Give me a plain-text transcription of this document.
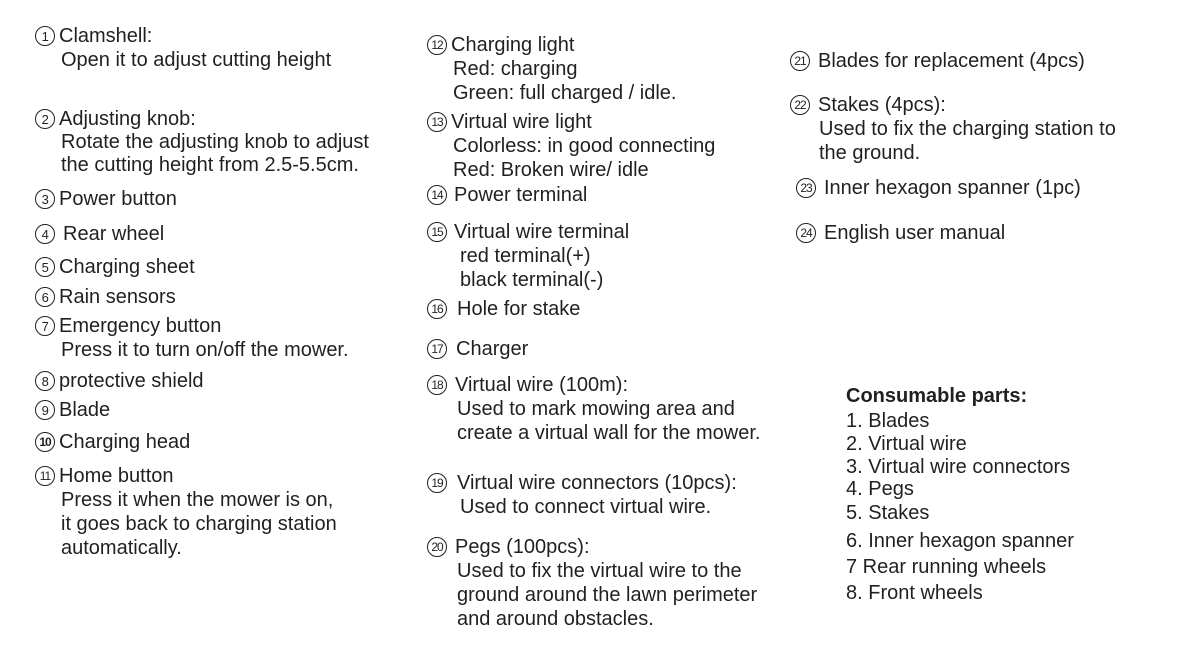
1 Clamshell:
Open it to adjust cutting height
2 Adjusting knob:
Rotate the adjusting knob to adjust
the cutting height from 2.5-5.5cm.
3 Power button
4 Rear wheel
5 Charging sheet
6 Rain sensors
7 Emergency button
Press it to turn on/off the mower.
8 protective shield
9 Blade
10 Charging head
11 Home button
Press it when the mower is on,
it goes back to charging station
automatically.
12 Charging light
Red: charging
Green: full charged / idle.
13 Virtual wire light
Colorless: in good connecting
Red: Broken wire/ idle
14 Power terminal
15 Virtual wire terminal
red terminal(+)
black terminal(-)
16 Hole for stake
17 Charger
18 Virtual wire (100m):
Used to mark mowing area and
create a virtual wall for the mower.
19 Virtual wire connectors (10pcs):
Used to connect virtual wire.
20 Pegs (100pcs):
Used to fix the virtual wire to the
ground around the lawn perimeter
and around obstacles.
21 Blades for replacement (4pcs)
22 Stakes (4pcs):
Used to fix the charging station to
the ground.
23 Inner hexagon spanner (1pc)
24 English user manual
Consumable parts:
1. Blades
2. Virtual wire
3. Virtual wire connectors
4. Pegs
5. Stakes
6. Inner hexagon spanner
7 Rear running wheels
8. Front wheels
